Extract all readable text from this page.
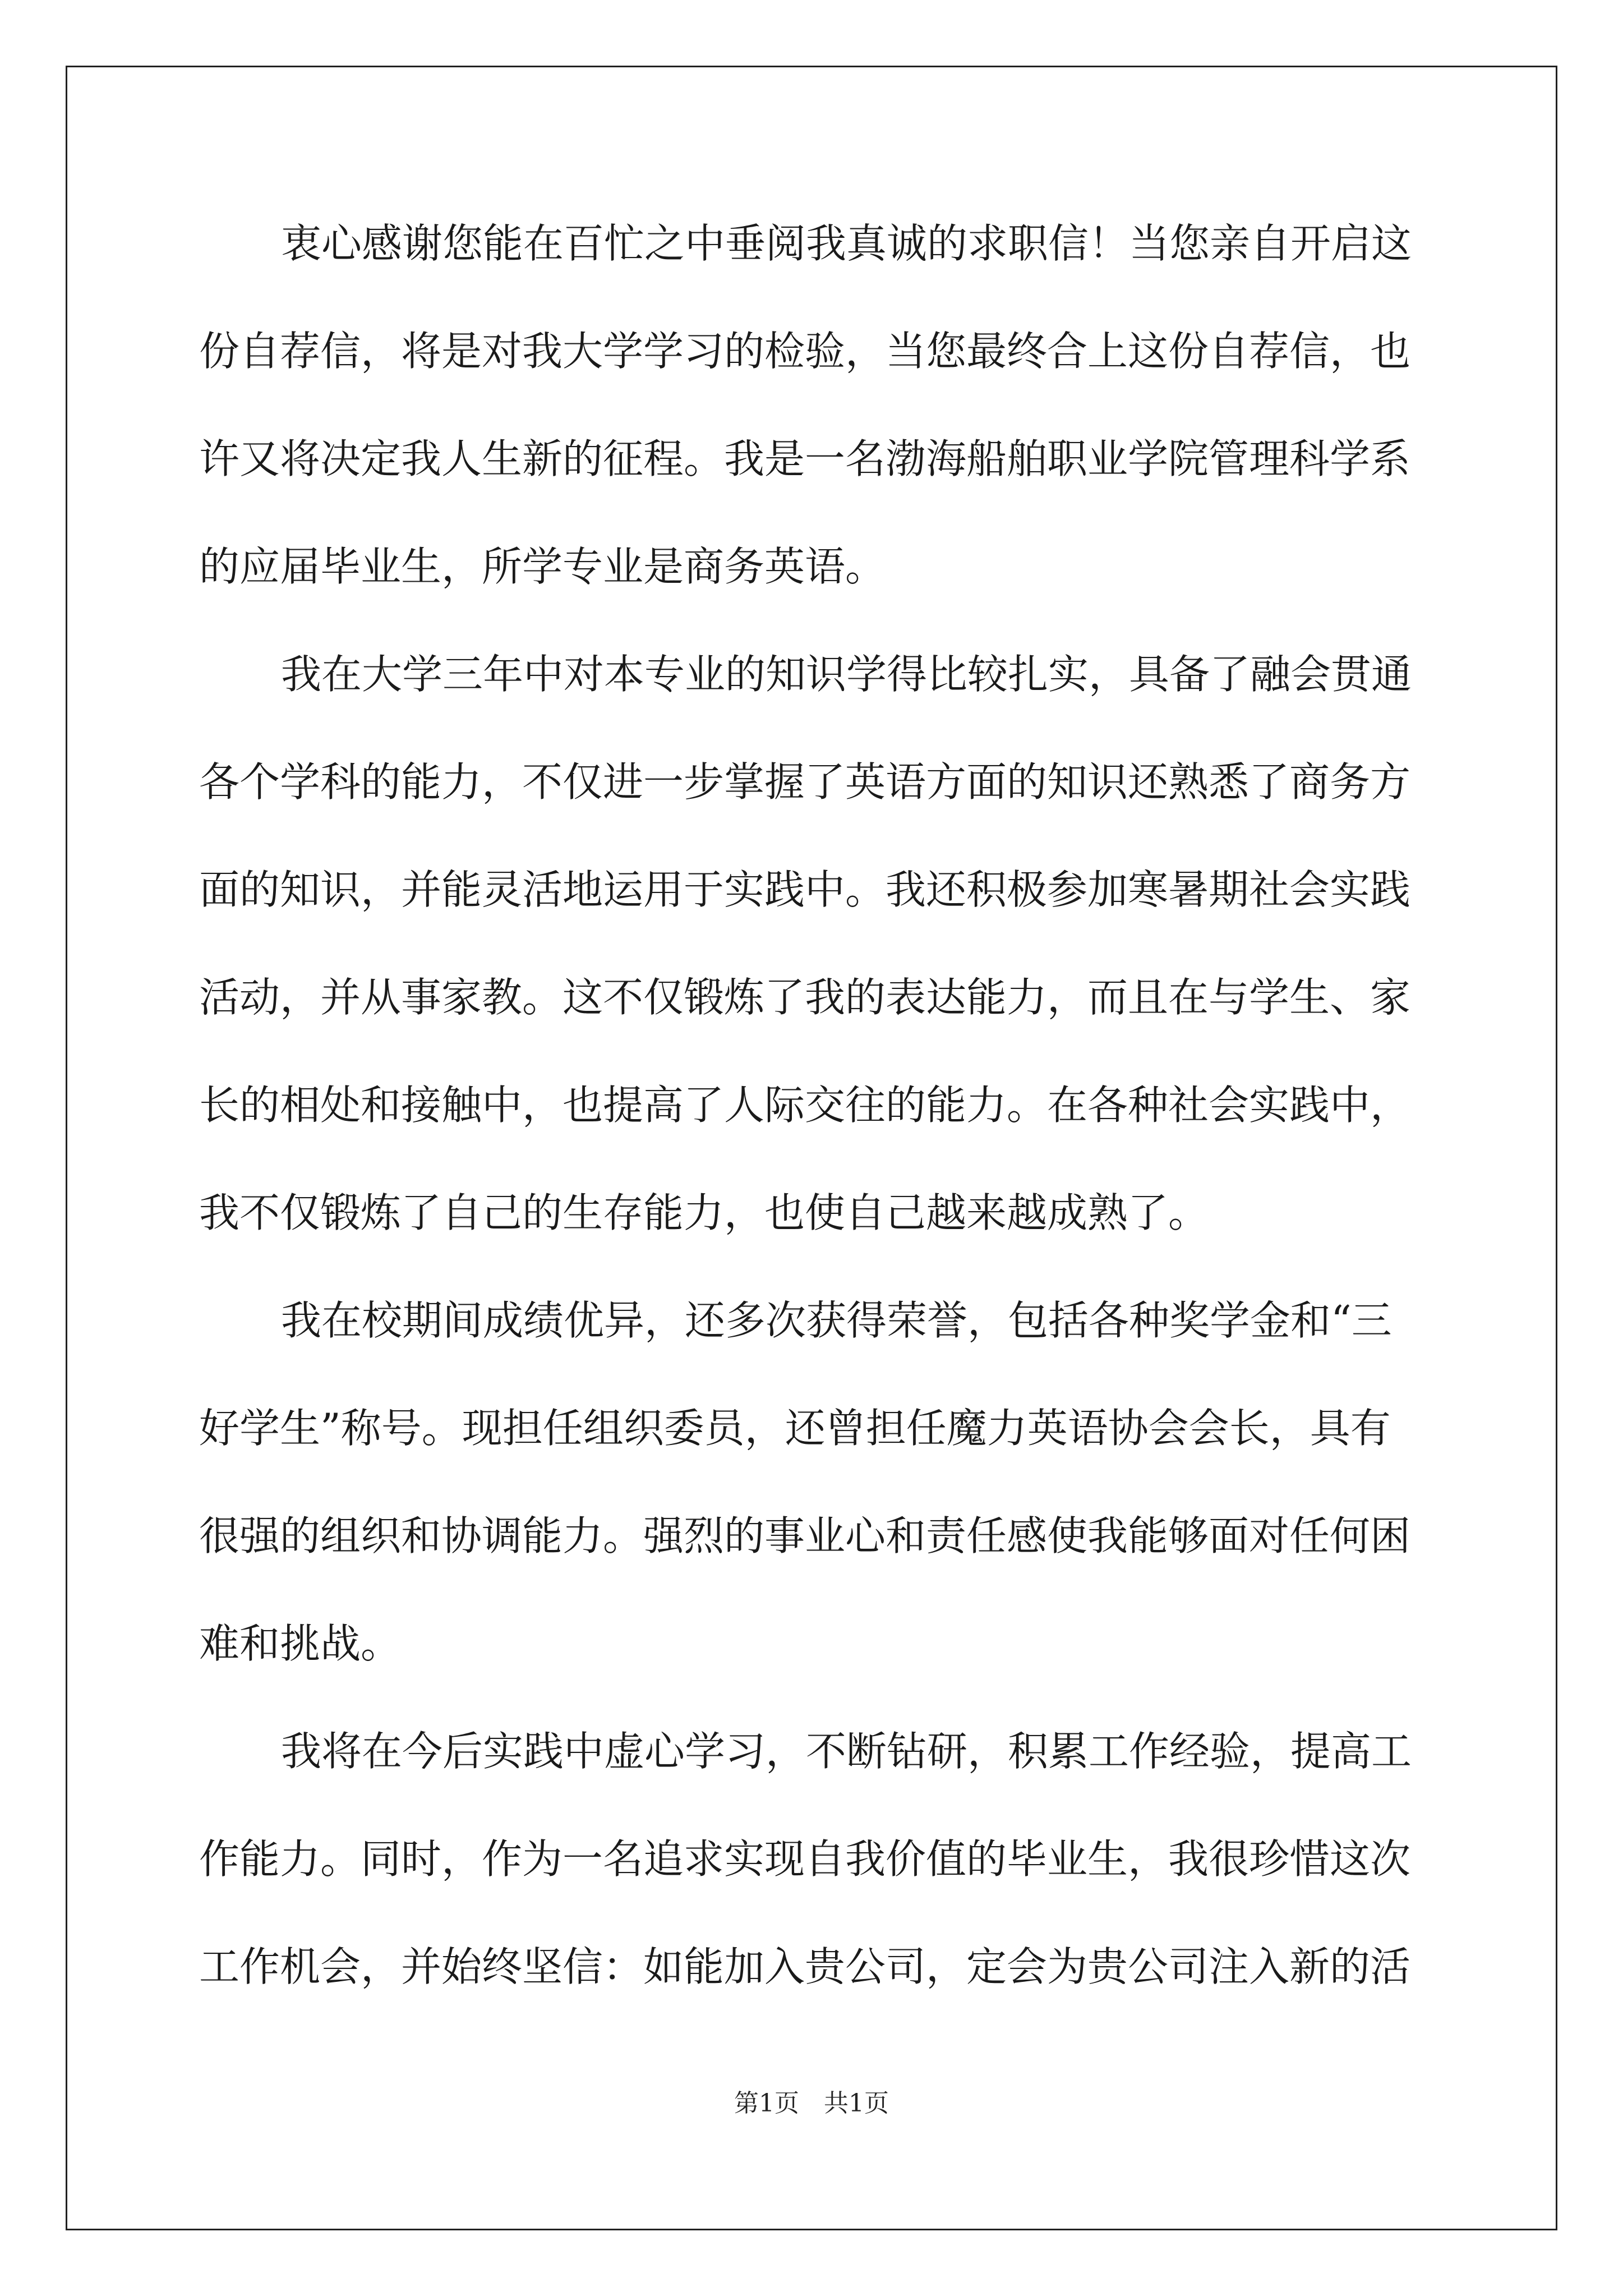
衷心感谢您能在百忙之中垂阅我真诚的求职信！当您亲自开启这
份自荐信，将是对我大学学习的检验，当您最终合上这份自荐信，也
许又将决定我人生新的征程。我是一名渤海船舶职业学院管理科学系
的应届毕业生，所学专业是商务英语。
我在大学三年中对本专业的知识学得比较扎实，具备了融会贯通
各个学科的能力，不仅进一步掌握了英语方面的知识还熟悉了商务方
面的知识，并能灵活地运用于实践中。我还积极参加寒暑期社会实践
活动，并从事家教。这不仅锻炼了我的表达能力，而且在与学生、家
长的相处和接触中，也提高了人际交往的能力。在各种社会实践中，
我不仅锻炼了自己的生存能力，也使自己越来越成熟了。
我在校期间成绩优异，还多次获得荣誉，包括各种奖学金和“三
好学生”称号。现担任组织委员，还曾担任魔力英语协会会长，具有
很强的组织和协调能力。强烈的事业心和责任感使我能够面对任何困
难和挑战。
我将在今后实践中虚心学习，不断钻研，积累工作经验，提高工
作能力。同时，作为一名追求实现自我价值的毕业生，我很珍惜这次
工作机会，并始终坚信：如能加入贵公司，定会为贵公司注入新的活
第1页　共1页
